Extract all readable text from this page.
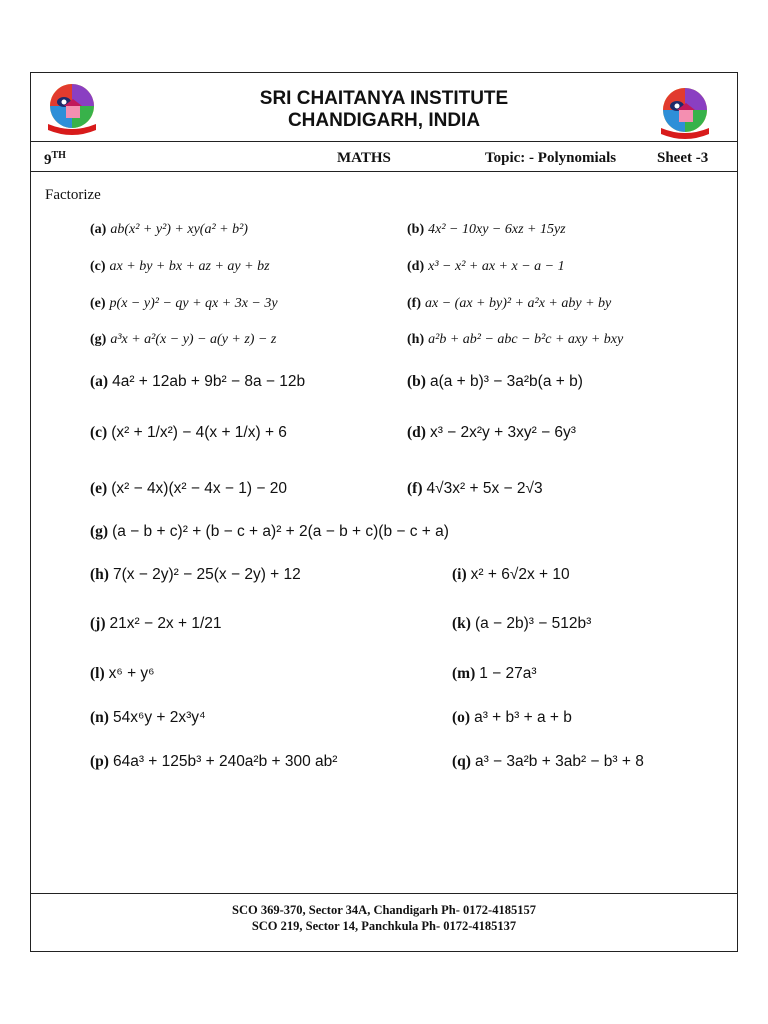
SRI CHAITANYA INSTITUTE
CHANDIGARH, INDIA
9TH	MATHS	Topic: - Polynomials	Sheet -3
Factorize
(a) ab(x² + y²) + xy(a² + b²)	(b) 4x² − 10xy − 6xz + 15yz
(c) ax + by + bx + az + ay + bz	(d) x³ − x² + ax + x − a − 1
(e) p(x − y)² − qy + qx + 3x − 3y	(f) ax − (ax + by)² + a²x + aby + by
(g) a³x + a²(x − y) − a(y + z) − z	(h) a²b + ab² − abc − b²c + axy + bxy
(a) 4a² + 12ab + 9b² − 8a − 12b	(b) a(a + b)³ − 3a²b(a + b)
(c) (x² + 1/x²) − 4(x + 1/x) + 6	(d) x³ − 2x²y + 3xy² − 6y³
(e) (x² − 4x)(x² − 4x − 1) − 20	(f) 4√3x² + 5x − 2√3
(g) (a − b + c)² + (b − c + a)² + 2(a − b + c)(b − c + a)
(h) 7(x − 2y)² − 25(x − 2y) + 12	(i) x² + 6√2x + 10
(j) 21x² − 2x + 1/21	(k) (a − 2b)³ − 512b³
(l) x⁶ + y⁶	(m) 1 − 27a³
(n) 54x⁶y + 2x³y⁴	(o) a³ + b³ + a + b
(p) 64a³ + 125b³ + 240a²b + 300 ab²	(q) a³ − 3a²b + 3ab² − b³ + 8
SCO 369-370, Sector 34A, Chandigarh Ph- 0172-4185157
SCO 219, Sector 14, Panchkula Ph- 0172-4185137
